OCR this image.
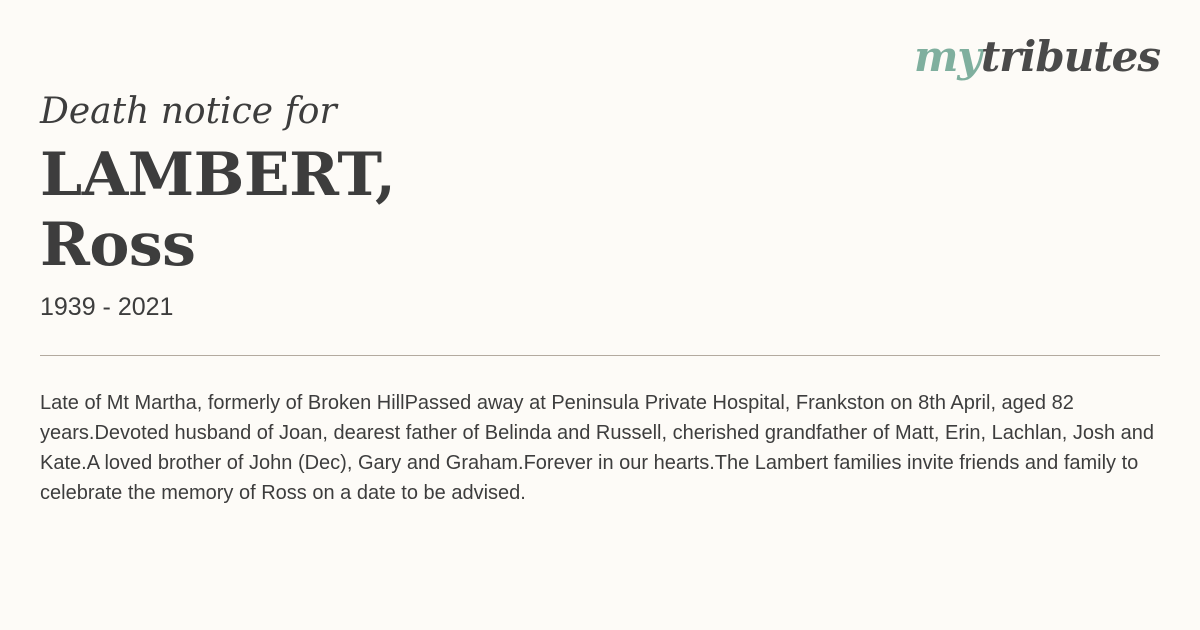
mytributes
Death notice for
LAMBERT,
Ross
1939 - 2021
Late of Mt Martha, formerly of Broken HillPassed away at Peninsula Private Hospital, Frankston on 8th April, aged 82 years.Devoted husband of Joan, dearest father of Belinda and Russell, cherished grandfather of Matt, Erin, Lachlan, Josh and Kate.A loved brother of John (Dec), Gary and Graham.Forever in our hearts.The Lambert families invite friends and family to celebrate the memory of Ross on a date to be advised.
